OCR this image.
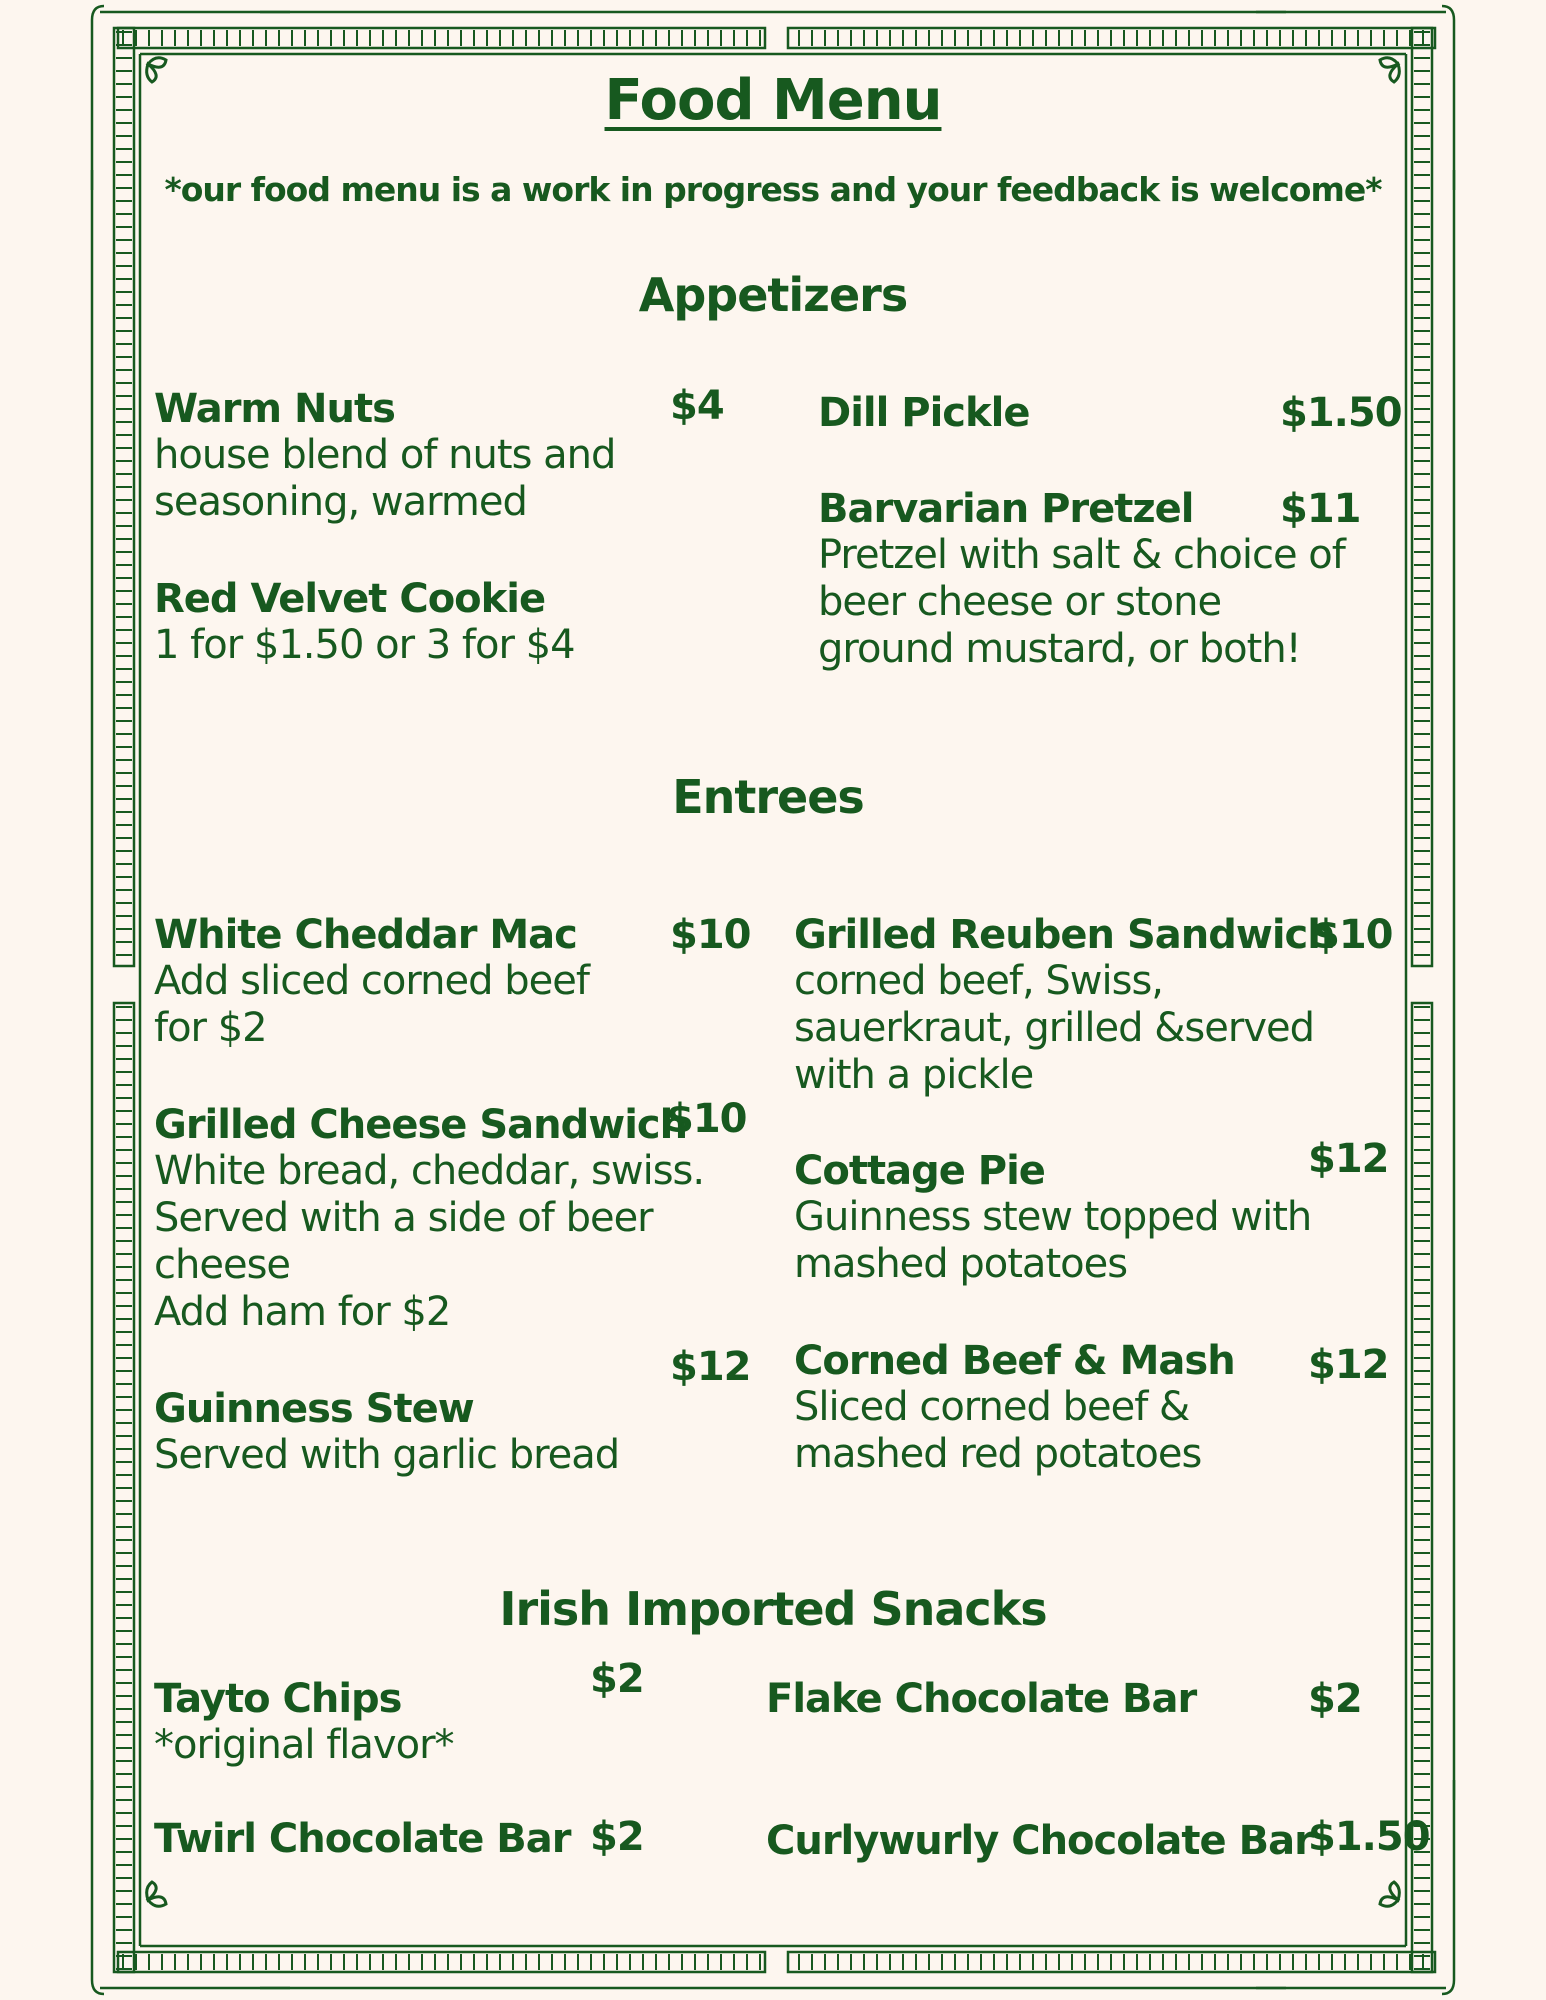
Food Menu
*our food menu is a work in progress and your feedback is welcome*
Appetizers
Warm Nuts
house blend of nuts and
seasoning, warmed
$4
Red Velvet Cookie
1 for $1.50 or 3 for $4
Dill Pickle	$1.50
Barvarian Pretzel
Pretzel with salt & choice of
beer cheese or stone
ground mustard, or both!
$11
Entrees
White Cheddar Mac
Add sliced corned beef
for $2
$10
Grilled Cheese Sandwich
White bread, cheddar, swiss.
Served with a side of beer
cheese
Add ham for $2
$10
Guinness Stew
Served with garlic bread
$12
Grilled Reuben Sandwich
corned beef, Swiss,
sauerkraut, grilled &served
with a pickle
$10
Cottage Pie
Guinness stew topped with
mashed potatoes
$12
Corned Beef & Mash
Sliced corned beef &
mashed red potatoes
$12
Irish Imported Snacks
Tayto Chips
*original flavor*
$2
Twirl Chocolate Bar $2
Flake Chocolate Bar	$2
Curlywurly Chocolate Bar
$1.50
